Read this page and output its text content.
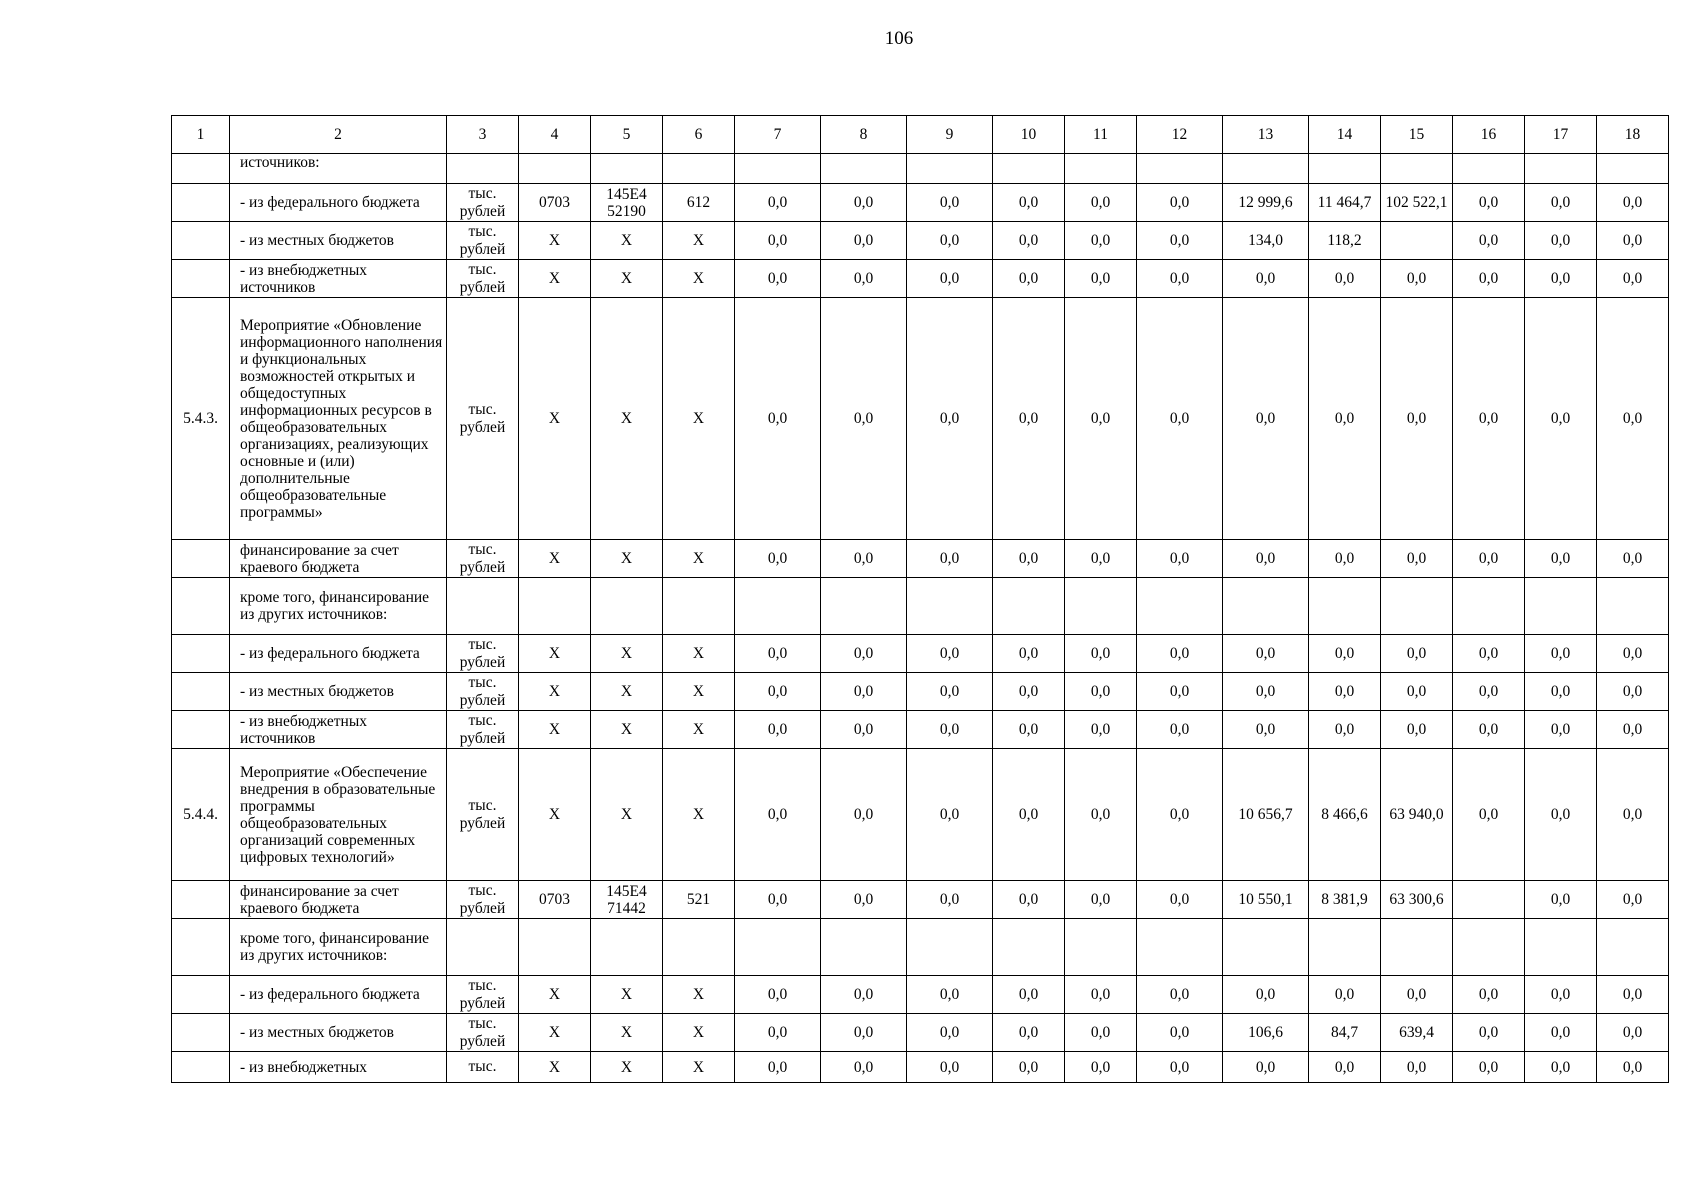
106
1	2	3	4	5	6	7	8	9	10	11	12	13	14	15	16	17	18
	источников:																
	- из федерального бюджета	тыс. рублей	0703	145E4 52190	612	0,0	0,0	0,0	0,0	0,0	0,0	12 999,6	11 464,7	102 522,1	0,0	0,0	0,0
	- из местных бюджетов	тыс. рублей	X	X	X	0,0	0,0	0,0	0,0	0,0	0,0	134,0	118,2		0,0	0,0	0,0
	- из внебюджетных источников	тыс. рублей	X	X	X	0,0	0,0	0,0	0,0	0,0	0,0	0,0	0,0	0,0	0,0	0,0	0,0
5.4.3.	Мероприятие «Обновление информационного наполнения и функциональных возможностей открытых и общедоступных информационных ресурсов в общеобразовательных организациях, реализующих основные и (или) дополнительные общеобразовательные программы»	тыс. рублей	X	X	X	0,0	0,0	0,0	0,0	0,0	0,0	0,0	0,0	0,0	0,0	0,0	0,0
	финансирование за счет краевого бюджета	тыс. рублей	X	X	X	0,0	0,0	0,0	0,0	0,0	0,0	0,0	0,0	0,0	0,0	0,0	0,0
	кроме того, финансирование из других источников:																
	- из федерального бюджета	тыс. рублей	X	X	X	0,0	0,0	0,0	0,0	0,0	0,0	0,0	0,0	0,0	0,0	0,0	0,0
	- из местных бюджетов	тыс. рублей	X	X	X	0,0	0,0	0,0	0,0	0,0	0,0	0,0	0,0	0,0	0,0	0,0	0,0
	- из внебюджетных источников	тыс. рублей	X	X	X	0,0	0,0	0,0	0,0	0,0	0,0	0,0	0,0	0,0	0,0	0,0	0,0
5.4.4.	Мероприятие «Обеспечение внедрения в образовательные программы общеобразовательных организаций современных цифровых технологий»	тыс. рублей	X	X	X	0,0	0,0	0,0	0,0	0,0	0,0	10 656,7	8 466,6	63 940,0	0,0	0,0	0,0
	финансирование за счет краевого бюджета	тыс. рублей	0703	145E4 71442	521	0,0	0,0	0,0	0,0	0,0	0,0	10 550,1	8 381,9	63 300,6		0,0	0,0
	кроме того, финансирование из других источников:																
	- из федерального бюджета	тыс. рублей	X	X	X	0,0	0,0	0,0	0,0	0,0	0,0	0,0	0,0	0,0	0,0	0,0	0,0
	- из местных бюджетов	тыс. рублей	X	X	X	0,0	0,0	0,0	0,0	0,0	0,0	106,6	84,7	639,4	0,0	0,0	0,0
	- из внебюджетных	тыс.	X	X	X	0,0	0,0	0,0	0,0	0,0	0,0	0,0	0,0	0,0	0,0	0,0	0,0
